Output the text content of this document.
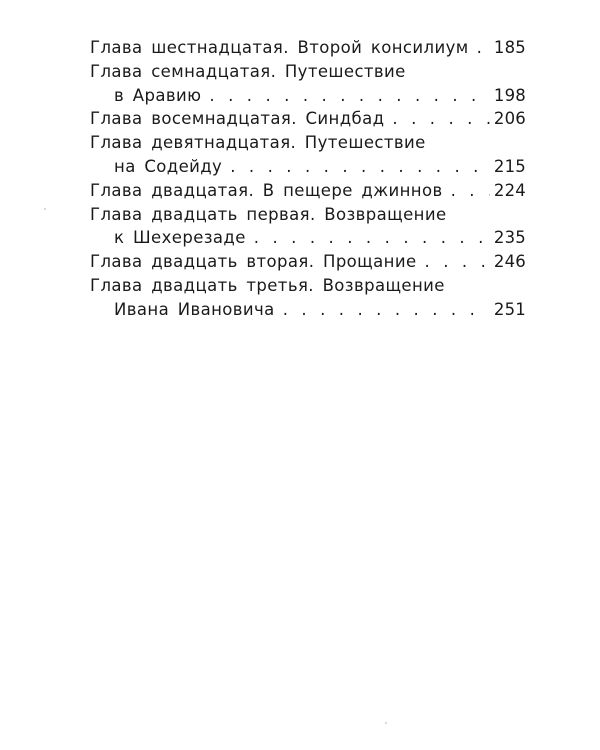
Глава шестнадцатая. Второй консилиум . . . 185
Глава семнадцатая. Путешествие
в Аравию . . .	198
Глава восемнадцатая. Синдбад . . .	206
Глава девятнадцатая. Путешествие
на Содейду . . .	215
Глава двадцатая. В пещере джиннов . . .	224
Глава двадцать первая. Возвращение
к Шехерезаде . . .	235
Глава двадцать вторая. Прощание . . .	246
Глава двадцать третья. Возвращение
Ивана Ивановича . . .	251
